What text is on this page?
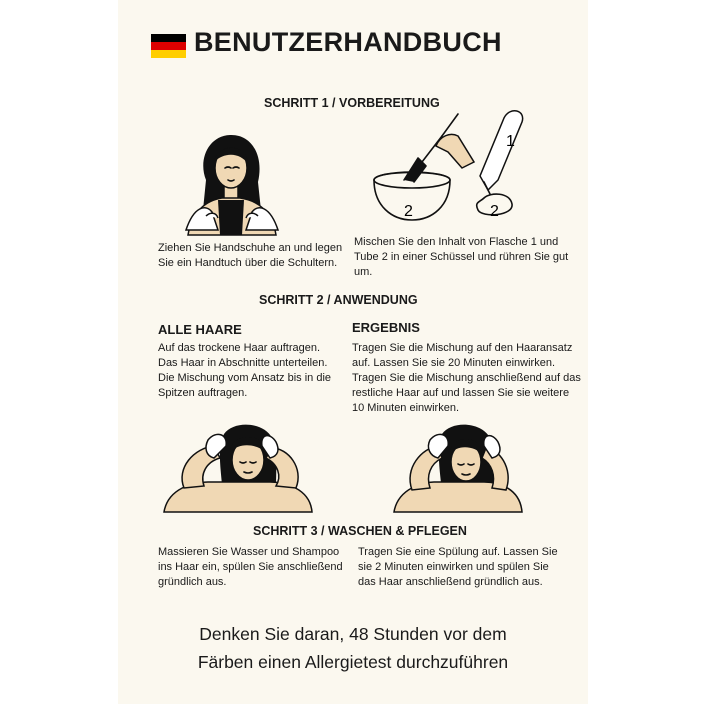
BENUTZERHANDBUCH
SCHRITT 1 / VORBEREITUNG
2	2
1
Ziehen Sie Handschuhe an und legen Sie ein Handtuch über die Schultern.
Mischen Sie den Inhalt von Flasche 1 und Tube 2 in einer Schüssel und rühren Sie gut um.
SCHRITT 2 / ANWENDUNG
ALLE HAARE	ERGEBNIS
Auf das trockene Haar auftragen. Das Haar in Abschnitte unterteilen. Die Mischung vom Ansatz bis in die Spitzen auftragen.
Tragen Sie die Mischung auf den Haaransatz auf. Lassen Sie sie 20 Minuten einwirken. Tragen Sie die Mischung anschließend auf das restliche Haar auf und lassen Sie sie weitere 10 Minuten einwirken.
SCHRITT 3 / WASCHEN & PFLEGEN
Massieren Sie Wasser und Shampoo ins Haar ein, spülen Sie anschließend gründlich aus.
Tragen Sie eine Spülung auf. Lassen Sie sie 2 Minuten einwirken und spülen Sie das Haar anschließend gründlich aus.
Denken Sie daran, 48 Stunden vor dem
Färben einen Allergietest durchzuführen
